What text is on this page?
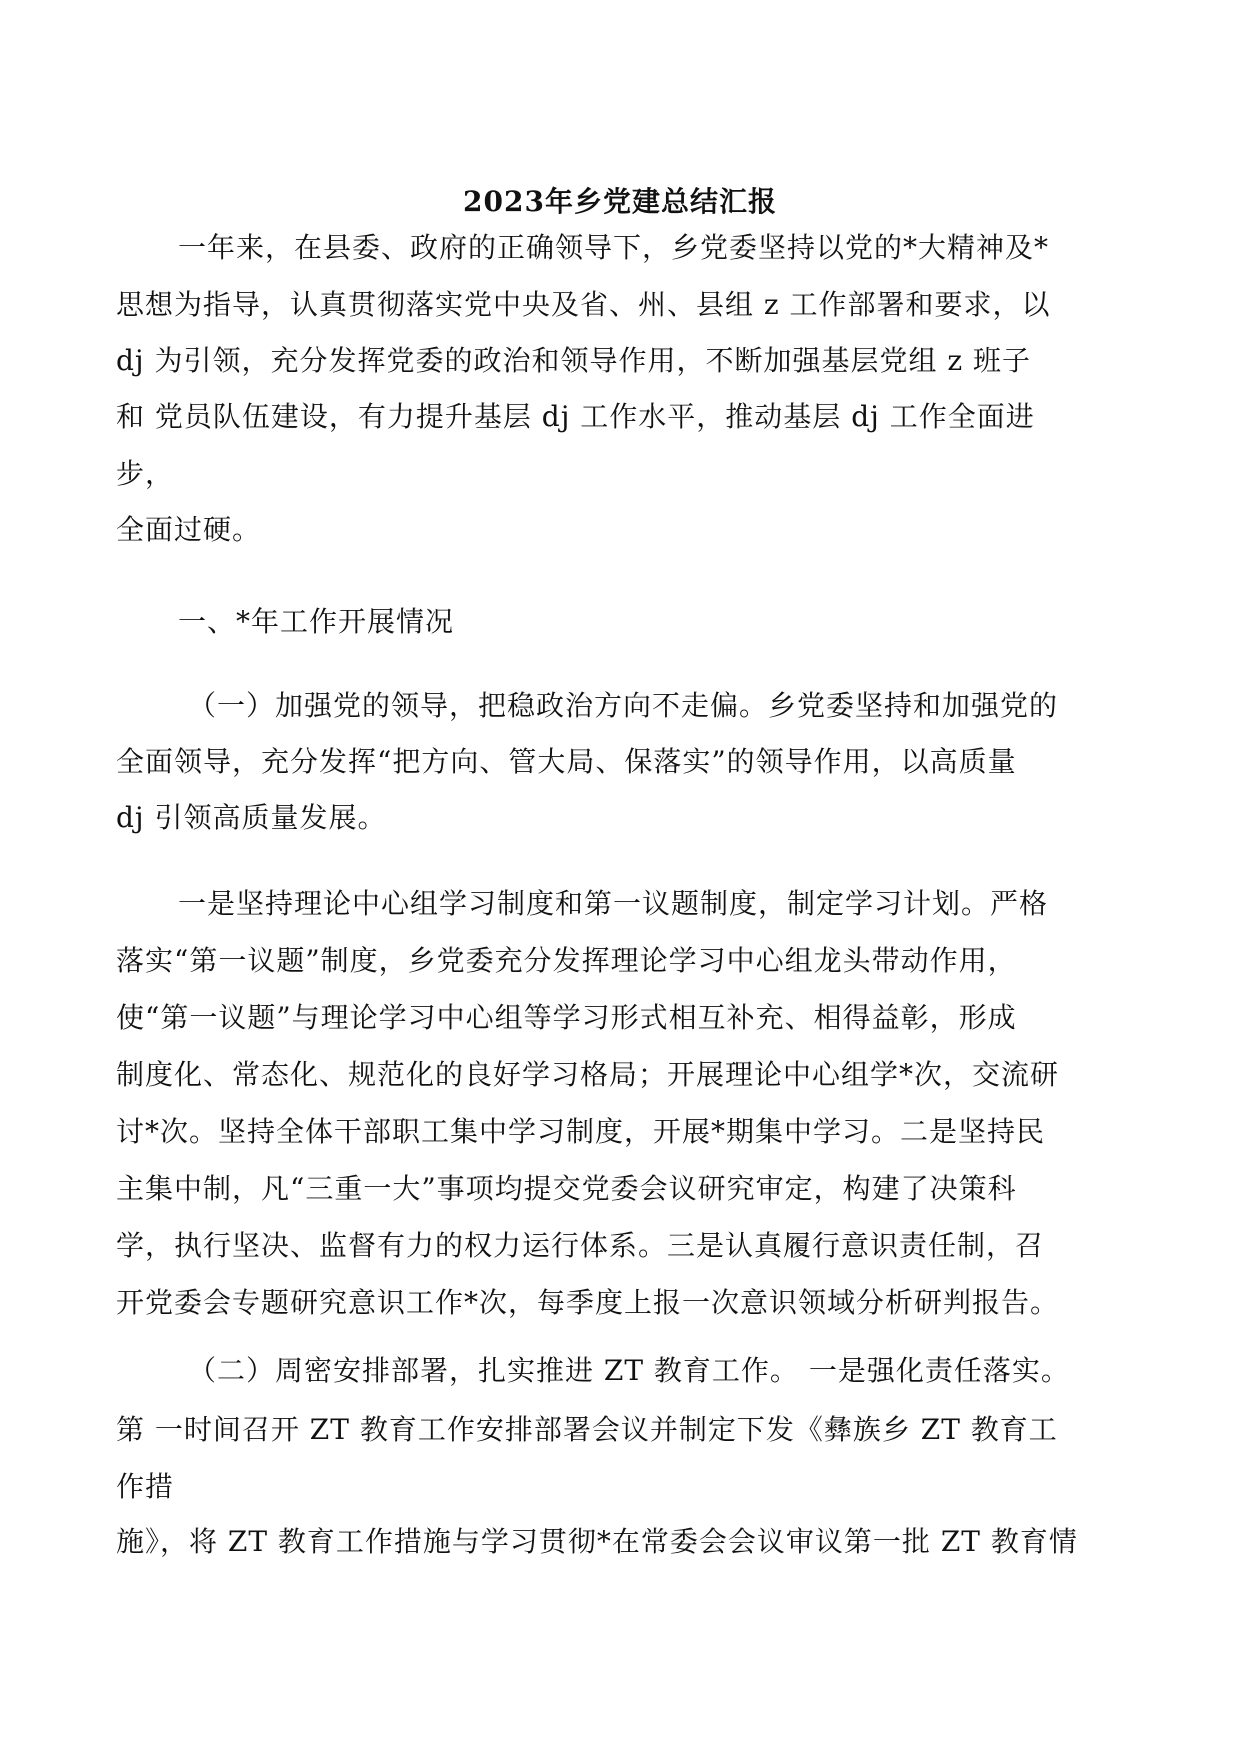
2023年乡党建总结汇报
一年来，在县委、政府的正确领导下，乡党委坚持以党的*大精神及*
思想为指导，认真贯彻落实党中央及省、州、县组 z 工作部署和要求，以
dj 为引领，充分发挥党委的政治和领导作用，不断加强基层党组 z 班子
和 党员队伍建设，有力提升基层 dj 工作水平，推动基层 dj 工作全面进
步，
全面过硬。
一、*年工作开展情况
（一）加强党的领导，把稳政治方向不走偏。乡党委坚持和加强党的
全面领导，充分发挥“把方向、管大局、保落实”的领导作用，以高质量
dj 引领高质量发展。
一是坚持理论中心组学习制度和第一议题制度，制定学习计划。严格
落实“第一议题”制度，乡党委充分发挥理论学习中心组龙头带动作用，
使“第一议题”与理论学习中心组等学习形式相互补充、相得益彰，形成
制度化、常态化、规范化的良好学习格局；开展理论中心组学*次，交流研
讨*次。坚持全体干部职工集中学习制度，开展*期集中学习。二是坚持民
主集中制，凡“三重一大”事项均提交党委会议研究审定，构建了决策科
学，执行坚决、监督有力的权力运行体系。三是认真履行意识责任制，召
开党委会专题研究意识工作*次，每季度上报一次意识领域分析研判报告。
（二）周密安排部署，扎实推进 ZT 教育工作。 一是强化责任落实。
第 一时间召开 ZT 教育工作安排部署会议并制定下发《彝族乡 ZT 教育工
作措
施》，将 ZT 教育工作措施与学习贯彻*在常委会会议审议第一批 ZT 教育情
